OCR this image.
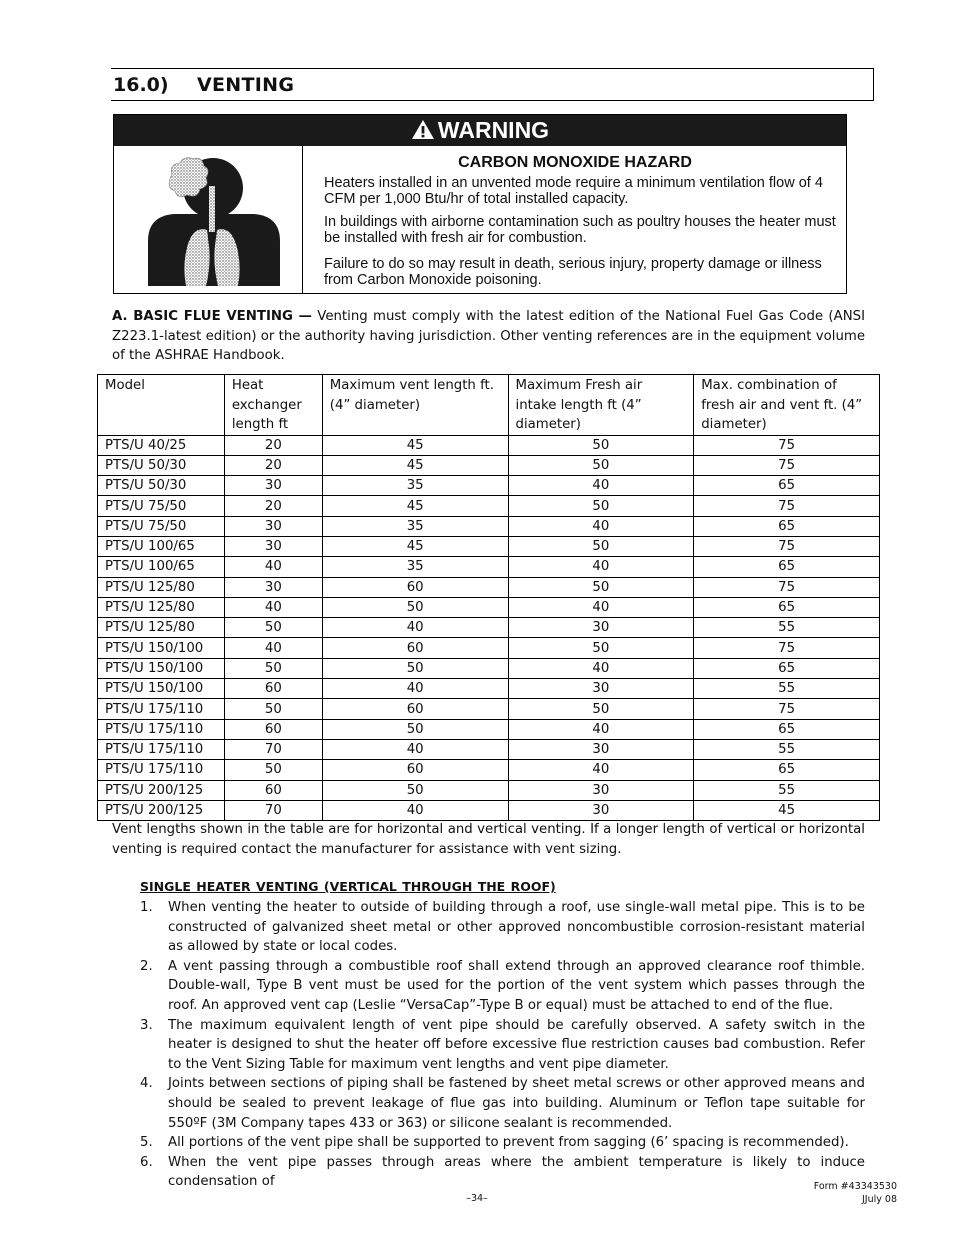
16.0) VENTING
WARNING
CARBON MONOXIDE HAZARD

Heaters installed in an unvented mode require a minimum ventilation flow of 4 CFM per 1,000 Btu/hr of total installed capacity.

In buildings with airborne contamination such as poultry houses the heater must be installed with fresh air for combustion.

Failure to do so may result in death, serious injury, property damage or illness from Carbon Monoxide poisoning.

A. BASIC FLUE VENTING — Venting must comply with the latest edition of the National Fuel Gas Code (ANSI Z223.1-latest edition) or the authority having jurisdiction. Other venting references are in the equipment volume of the ASHRAE Handbook.
Model	Heat exchanger length ft	Maximum vent length ft. (4” diameter)	Maximum Fresh air intake length ft (4” diameter)	Max. combination of fresh air and vent ft. (4” diameter)
PTS/U 40/25	20	45	50	75
PTS/U 50/30	20	45	50	75
PTS/U 50/30	30	35	40	65
PTS/U 75/50	20	45	50	75
PTS/U 75/50	30	35	40	65
PTS/U 100/65	30	45	50	75
PTS/U 100/65	40	35	40	65
PTS/U 125/80	30	60	50	75
PTS/U 125/80	40	50	40	65
PTS/U 125/80	50	40	30	55
PTS/U 150/100	40	60	50	75
PTS/U 150/100	50	50	40	65
PTS/U 150/100	60	40	30	55
PTS/U 175/110	50	60	50	75
PTS/U 175/110	60	50	40	65
PTS/U 175/110	70	40	30	55
PTS/U 175/110	50	60	40	65
PTS/U 200/125	60	50	30	55
PTS/U 200/125	70	40	30	45
Vent lengths shown in the table are for horizontal and vertical venting. If a longer length of vertical or horizontal venting is required contact the manufacturer for assistance with vent sizing.
SINGLE HEATER VENTING (VERTICAL THROUGH THE ROOF)
1. When venting the heater to outside of building through a roof, use single-wall metal pipe. This is to be constructed of galvanized sheet metal or other approved noncombustible corrosion-resistant material as allowed by state or local codes.
2. A vent passing through a combustible roof shall extend through an approved clearance roof thimble. Double-wall, Type B vent must be used for the portion of the vent system which passes through the roof. An approved vent cap (Leslie “VersaCap”-Type B or equal) must be attached to end of the flue.
3. The maximum equivalent length of vent pipe should be carefully observed. A safety switch in the heater is designed to shut the heater off before excessive flue restriction causes bad combustion. Refer to the Vent Sizing Table for maximum vent lengths and vent pipe diameter.
4. Joints between sections of piping shall be fastened by sheet metal screws or other approved means and should be sealed to prevent leakage of flue gas into building. Aluminum or Teflon tape suitable for 550ºF (3M Company tapes 433 or 363) or silicone sealant is recommended.
5. All portions of the vent pipe shall be supported to prevent from sagging (6’ spacing is recommended).
6. When the vent pipe passes through areas where the ambient temperature is likely to induce condensation of
–34–
Form #43343530
JJuly 08
